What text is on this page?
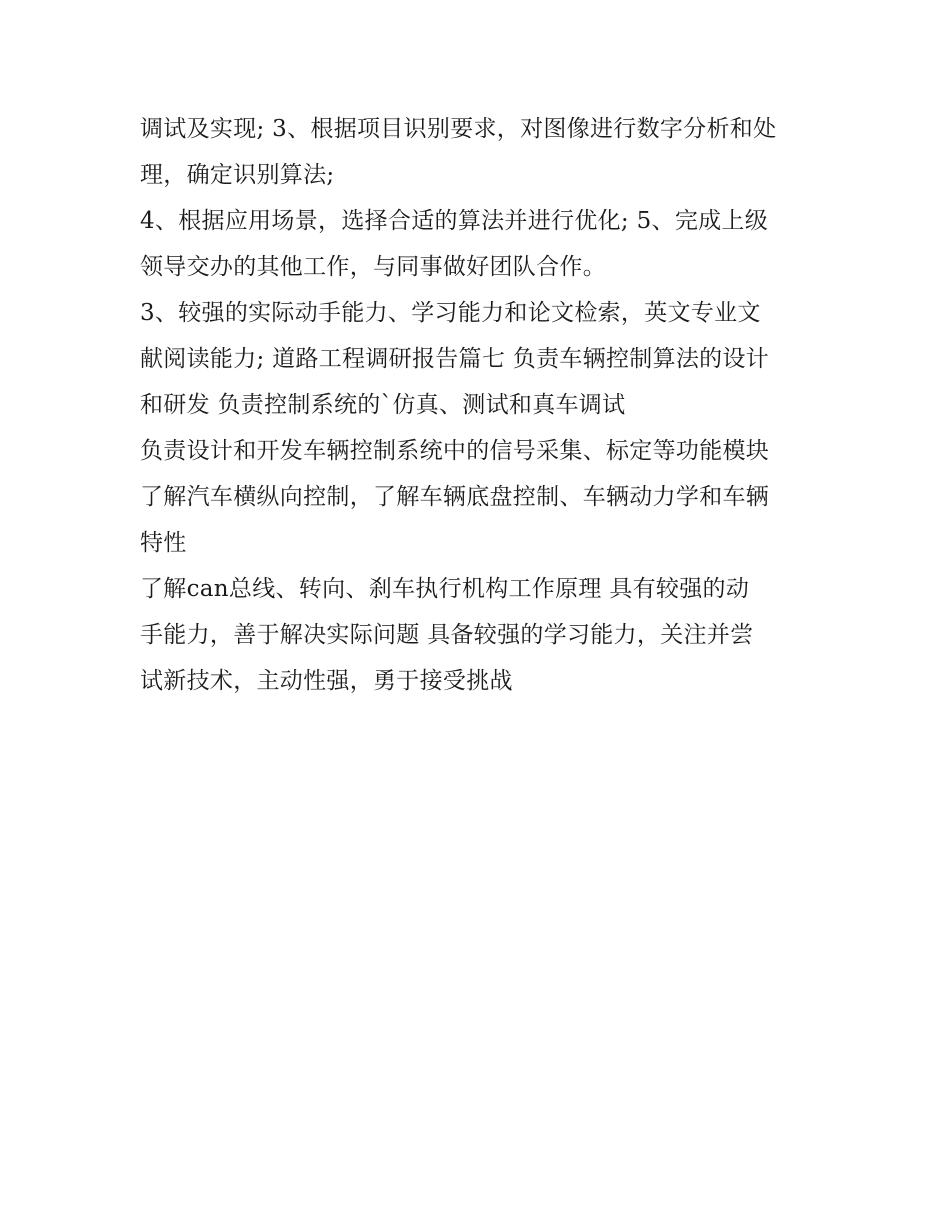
调试及实现; 3、根据项目识别要求，对图像进行数字分析和处
理，确定识别算法;
4、根据应用场景，选择合适的算法并进行优化; 5、完成上级
领导交办的其他工作，与同事做好团队合作。
3、较强的实际动手能力、学习能力和论文检索，英文专业文
献阅读能力; 道路工程调研报告篇七 负责车辆控制算法的设计
和研发 负责控制系统的`仿真、测试和真车调试
负责设计和开发车辆控制系统中的信号采集、标定等功能模块
了解汽车横纵向控制，了解车辆底盘控制、车辆动力学和车辆
特性
了解can总线、转向、刹车执行机构工作原理 具有较强的动
手能力，善于解决实际问题 具备较强的学习能力，关注并尝
试新技术，主动性强，勇于接受挑战
